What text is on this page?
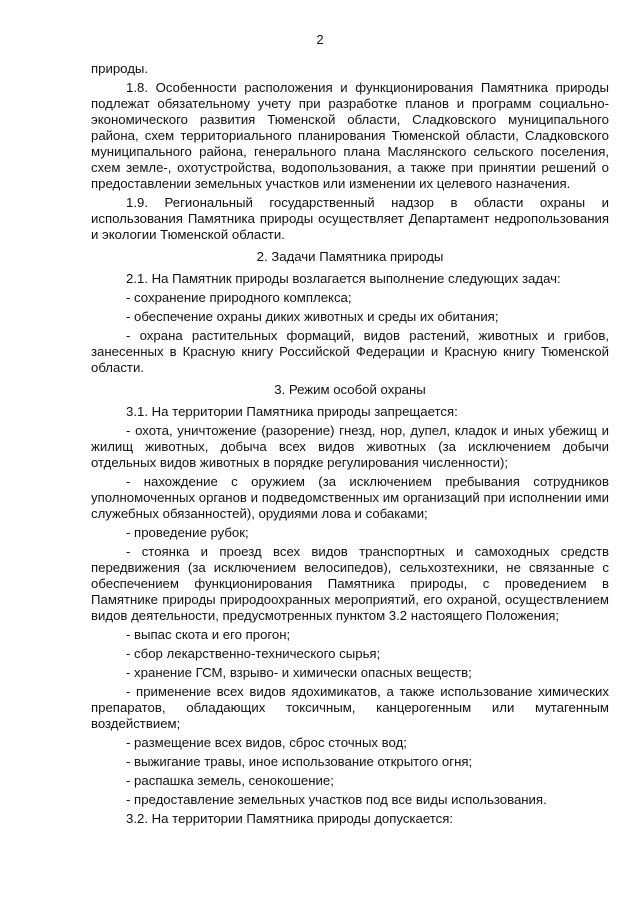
2

природы.

1.8. Особенности расположения и функционирования Памятника природы подлежат обязательному учету при разработке планов и программ социально-экономического развития Тюменской области, Сладковского муниципального района, схем территориального планирования Тюменской области, Сладковского муниципального района, генерального плана Маслянского сельского поселения, схем земле-, охотустройства, водопользования, а также при принятии решений о предоставлении земельных участков или изменении их целевого назначения.

1.9. Региональный государственный надзор в области охраны и использования Памятника природы осуществляет Департамент недропользования и экологии Тюменской области.

2. Задачи Памятника природы

2.1. На Памятник природы возлагается выполнение следующих задач:

- сохранение природного комплекса;

- обеспечение охраны диких животных и среды их обитания;

- охрана растительных формаций, видов растений, животных и грибов, занесенных в Красную книгу Российской Федерации и Красную книгу Тюменской области.

3. Режим особой охраны

3.1. На территории Памятника природы запрещается:

- охота, уничтожение (разорение) гнезд, нор, дупел, кладок и иных убежищ и жилищ животных, добыча всех видов животных (за исключением добычи отдельных видов животных в порядке регулирования численности);

- нахождение с оружием (за исключением пребывания сотрудников уполномоченных органов и подведомственных им организаций при исполнении ими служебных обязанностей), орудиями лова и собаками;

- проведение рубок;

- стоянка и проезд всех видов транспортных и самоходных средств передвижения (за исключением велосипедов), сельхозтехники, не связанные с обеспечением функционирования Памятника природы, с проведением в Памятнике природы природоохранных мероприятий, его охраной, осуществлением видов деятельности, предусмотренных пунктом 3.2 настоящего Положения;

- выпас скота и его прогон;

- сбор лекарственно-технического сырья;

- хранение ГСМ, взрыво- и химически опасных веществ;

- применение всех видов ядохимикатов, а также использование химических препаратов, обладающих токсичным, канцерогенным или мутагенным воздействием;

- размещение всех видов, сброс сточных вод;

- выжигание травы, иное использование открытого огня;

- распашка земель, сенокошение;

- предоставление земельных участков под все виды использования.

3.2. На территории Памятника природы допускается:
